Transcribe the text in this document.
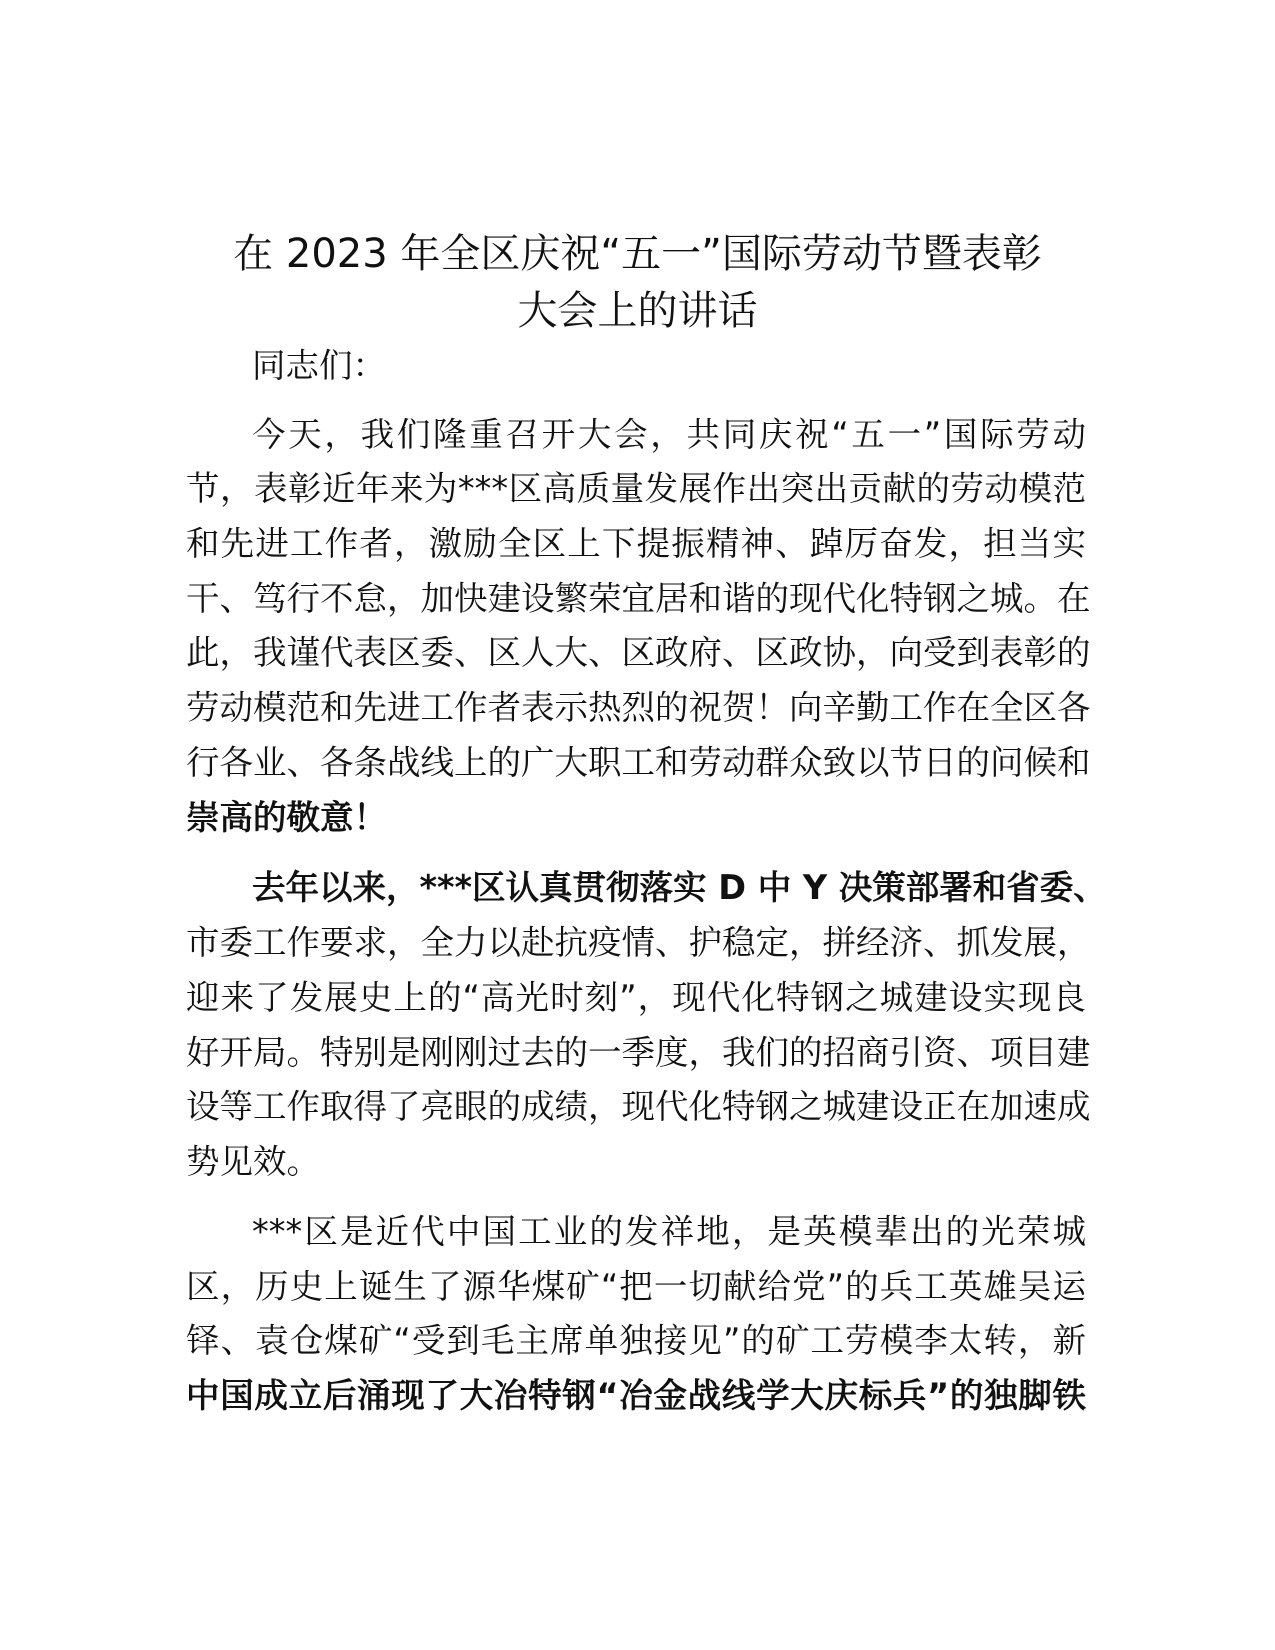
在 2023 年全区庆祝“五一”国际劳动节暨表彰
大会上的讲话
同志们：
今天，我们隆重召开大会，共同庆祝“五一”国际劳动
节，表彰近年来为***区高质量发展作出突出贡献的劳动模范
和先进工作者，激励全区上下提振精神、踔厉奋发，担当实
干、笃行不怠，加快建设繁荣宜居和谐的现代化特钢之城。在
此，我谨代表区委、区人大、区政府、区政协，向受到表彰的
劳动模范和先进工作者表示热烈的祝贺！向辛勤工作在全区各
行各业、各条战线上的广大职工和劳动群众致以节日的问候和
崇高的敬意！
去年以来，***区认真贯彻落实 D 中 Y 决策部署和省委、
市委工作要求，全力以赴抗疫情、护稳定，拼经济、抓发展，
迎来了发展史上的“高光时刻”，现代化特钢之城建设实现良
好开局。特别是刚刚过去的一季度，我们的招商引资、项目建
设等工作取得了亮眼的成绩，现代化特钢之城建设正在加速成
势见效。
***区是近代中国工业的发祥地，是英模辈出的光荣城
区，历史上诞生了源华煤矿“把一切献给党”的兵工英雄吴运
铎、袁仓煤矿“受到毛主席单独接见”的矿工劳模李太转，新
中国成立后涌现了大冶特钢“冶金战线学大庆标兵”的独脚铁
